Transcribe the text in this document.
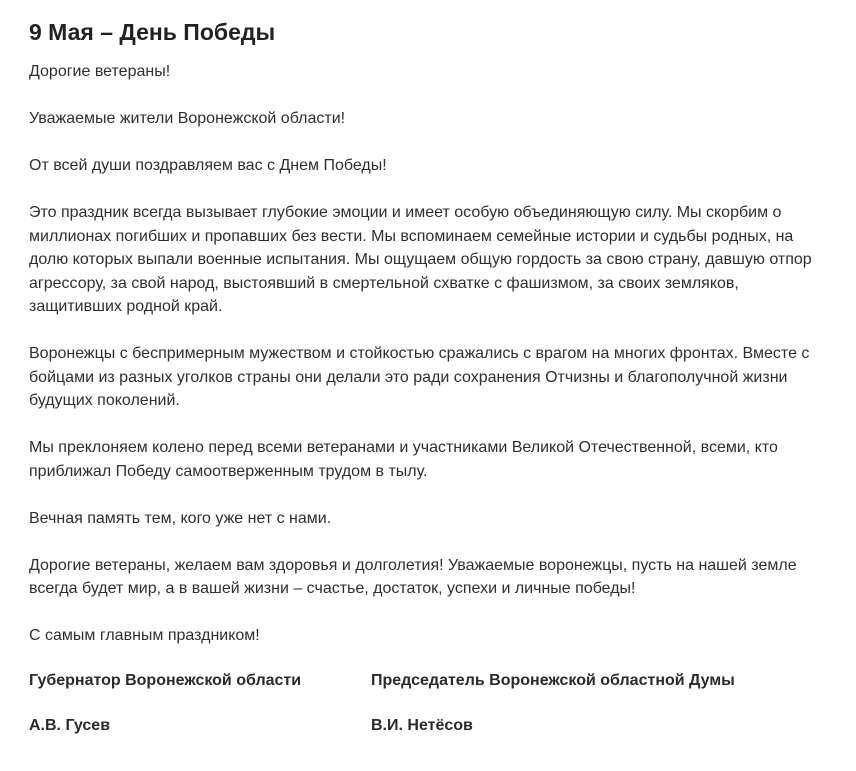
9 Мая – День Победы

Дорогие ветераны!

Уважаемые жители Воронежской области!

От всей души поздравляем вас с Днем Победы!

Это праздник всегда вызывает глубокие эмоции и имеет особую объединяющую силу. Мы скорбим о миллионах погибших и пропавших без вести. Мы вспоминаем семейные истории и судьбы родных, на долю которых выпали военные испытания. Мы ощущаем общую гордость за свою страну, давшую отпор агрессору, за свой народ, выстоявший в смертельной схватке с фашизмом, за своих земляков, защитивших родной край.

Воронежцы с беспримерным мужеством и стойкостью сражались с врагом на многих фронтах. Вместе с бойцами из разных уголков страны они делали это ради сохранения Отчизны и благополучной жизни будущих поколений.

Мы преклоняем колено перед всеми ветеранами и участниками Великой Отечественной, всеми, кто приближал Победу самоотверженным трудом в тылу.

Вечная память тем, кого уже нет с нами.

Дорогие ветераны, желаем вам здоровья и долголетия! Уважаемые воронежцы, пусть на нашей земле всегда будет мир, а в вашей жизни – счастье, достаток, успехи и личные победы!

С самым главным праздником!

Губернатор Воронежской области
А.В. Гусев
Председатель Воронежской областной Думы
В.И. Нетёсов
